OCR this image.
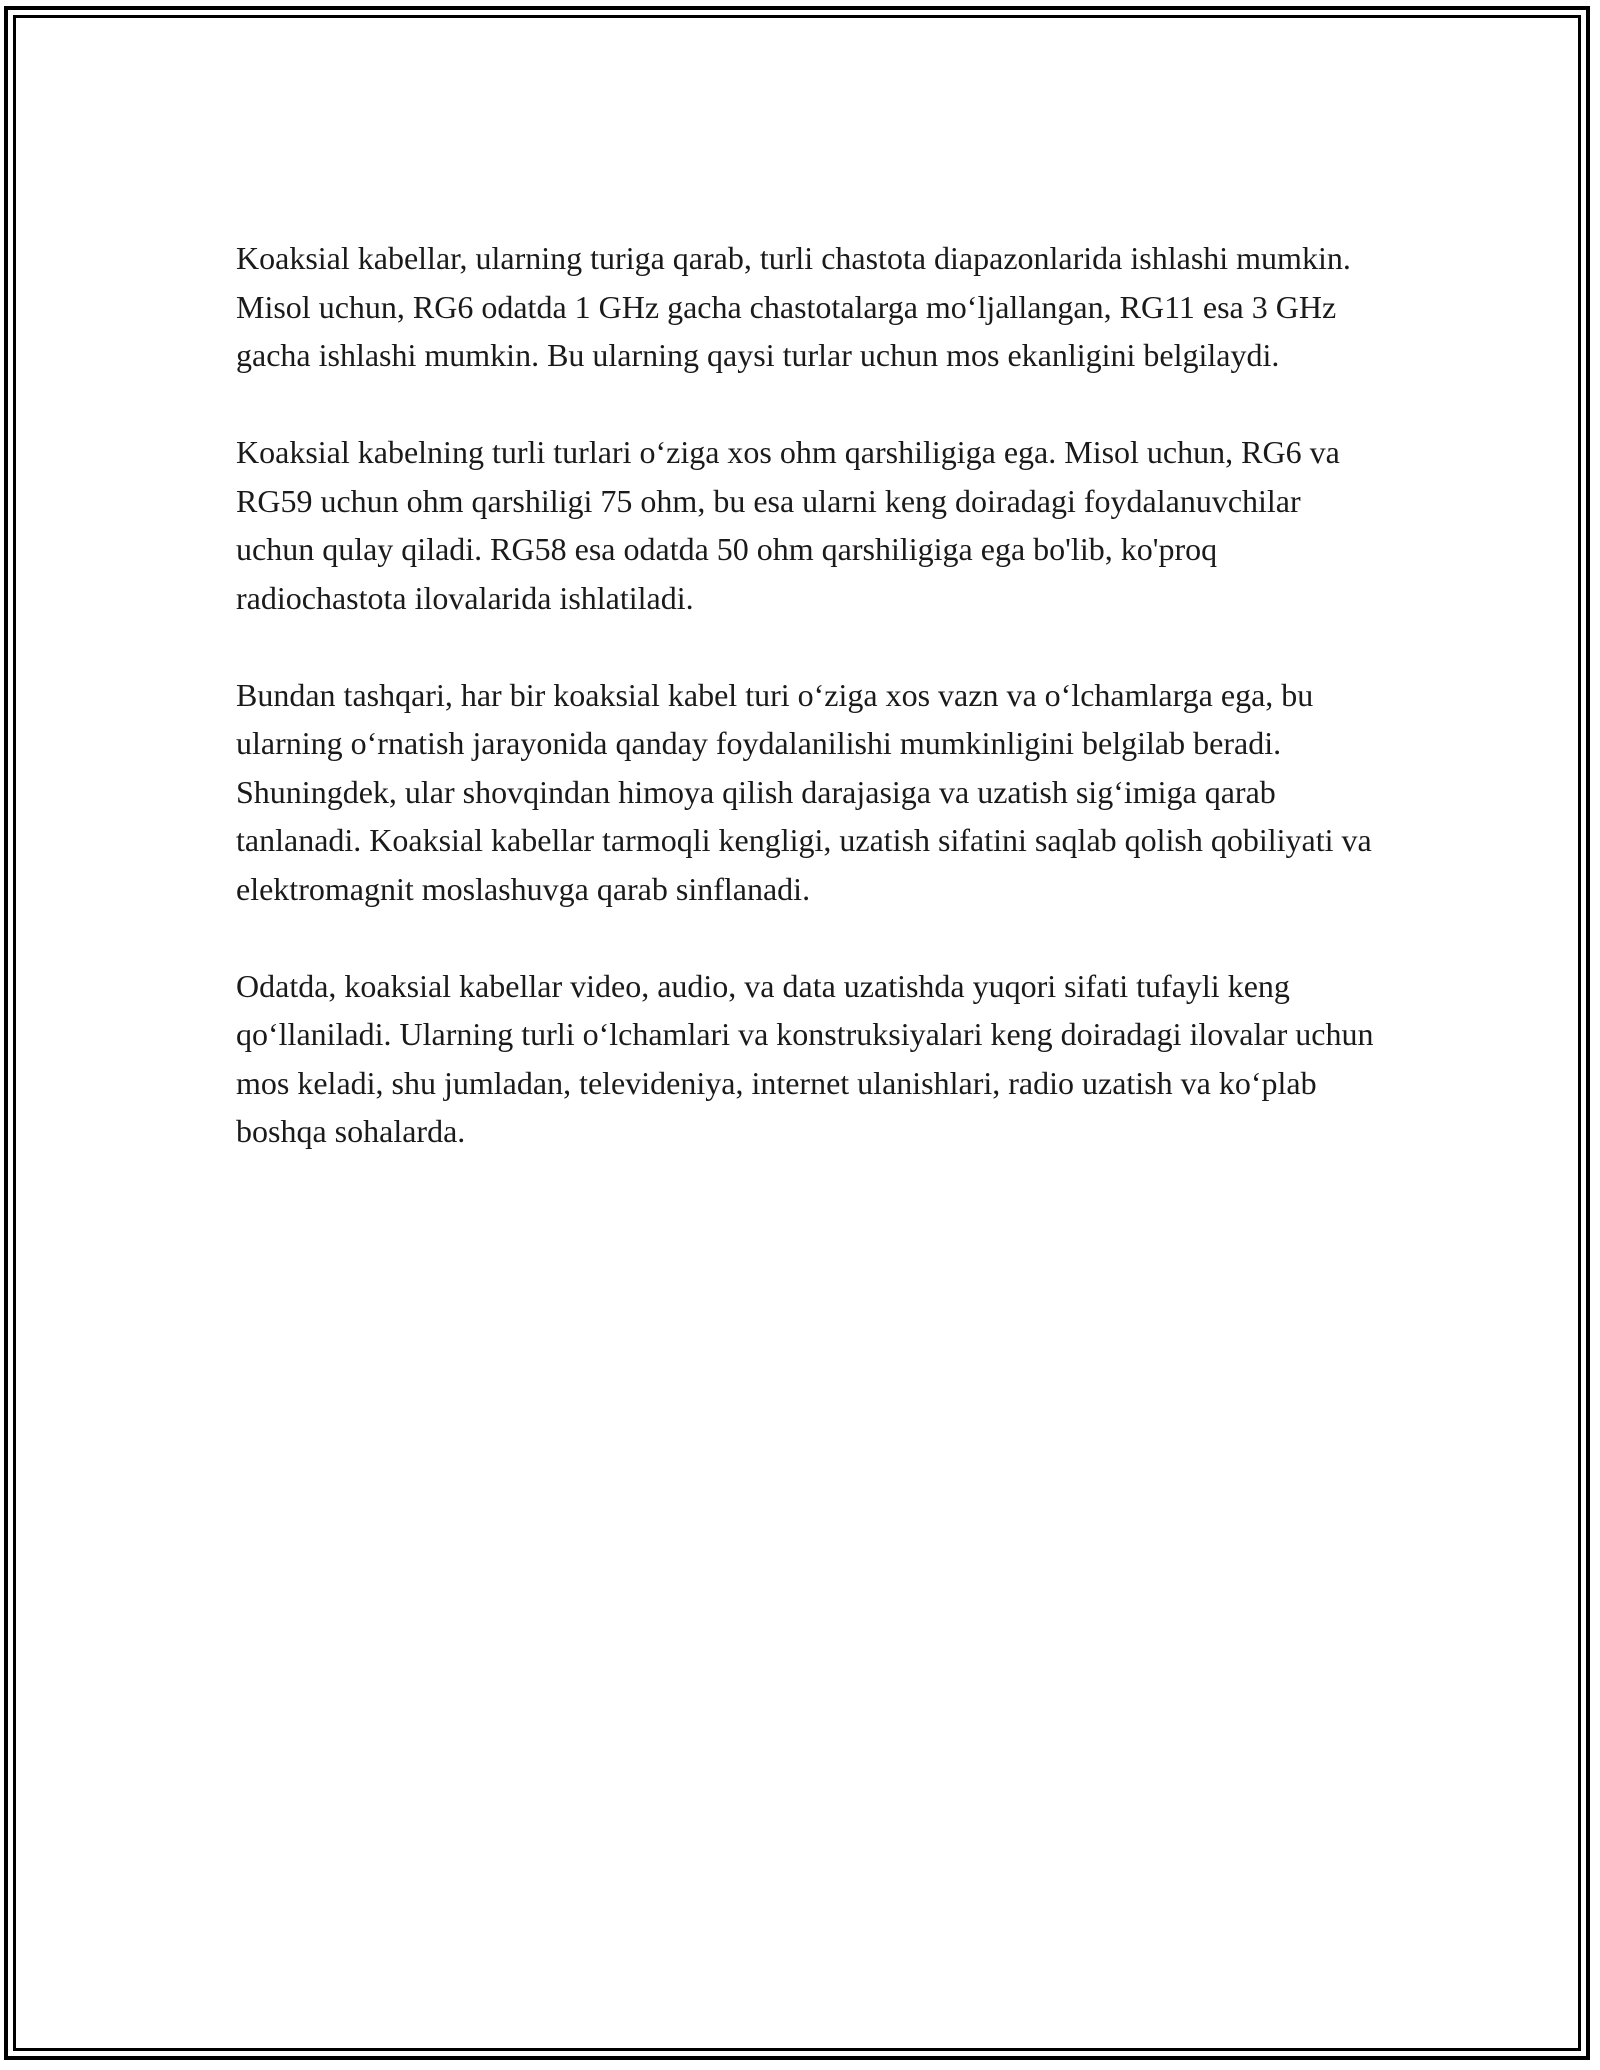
Koaksial kabellar, ularning turiga qarab, turli chastota diapazonlarida ishlashi mumkin. Misol uchun, RG6 odatda 1 GHz gacha chastotalarga mo‘ljallangan, RG11 esa 3 GHz gacha ishlashi mumkin. Bu ularning qaysi turlar uchun mos ekanligini belgilaydi.

Koaksial kabelning turli turlari o‘ziga xos ohm qarshiligiga ega. Misol uchun, RG6 va RG59 uchun ohm qarshiligi 75 ohm, bu esa ularni keng doiradagi foydalanuvchilar uchun qulay qiladi. RG58 esa odatda 50 ohm qarshiligiga ega bo'lib, ko'proq radiochastota ilovalarida ishlatiladi.

Bundan tashqari, har bir koaksial kabel turi o‘ziga xos vazn va o‘lchamlarga ega, bu ularning o‘rnatish jarayonida qanday foydalanilishi mumkinligini belgilab beradi. Shuningdek, ular shovqindan himoya qilish darajasiga va uzatish sig‘imiga qarab tanlanadi. Koaksial kabellar tarmoqli kengligi, uzatish sifatini saqlab qolish qobiliyati va elektromagnit moslashuvga qarab sinflanadi.

Odatda, koaksial kabellar video, audio, va data uzatishda yuqori sifati tufayli keng qo‘llaniladi. Ularning turli o‘lchamlari va konstruksiyalari keng doiradagi ilovalar uchun mos keladi, shu jumladan, televideniya, internet ulanishlari, radio uzatish va ko‘plab boshqa sohalarda.
